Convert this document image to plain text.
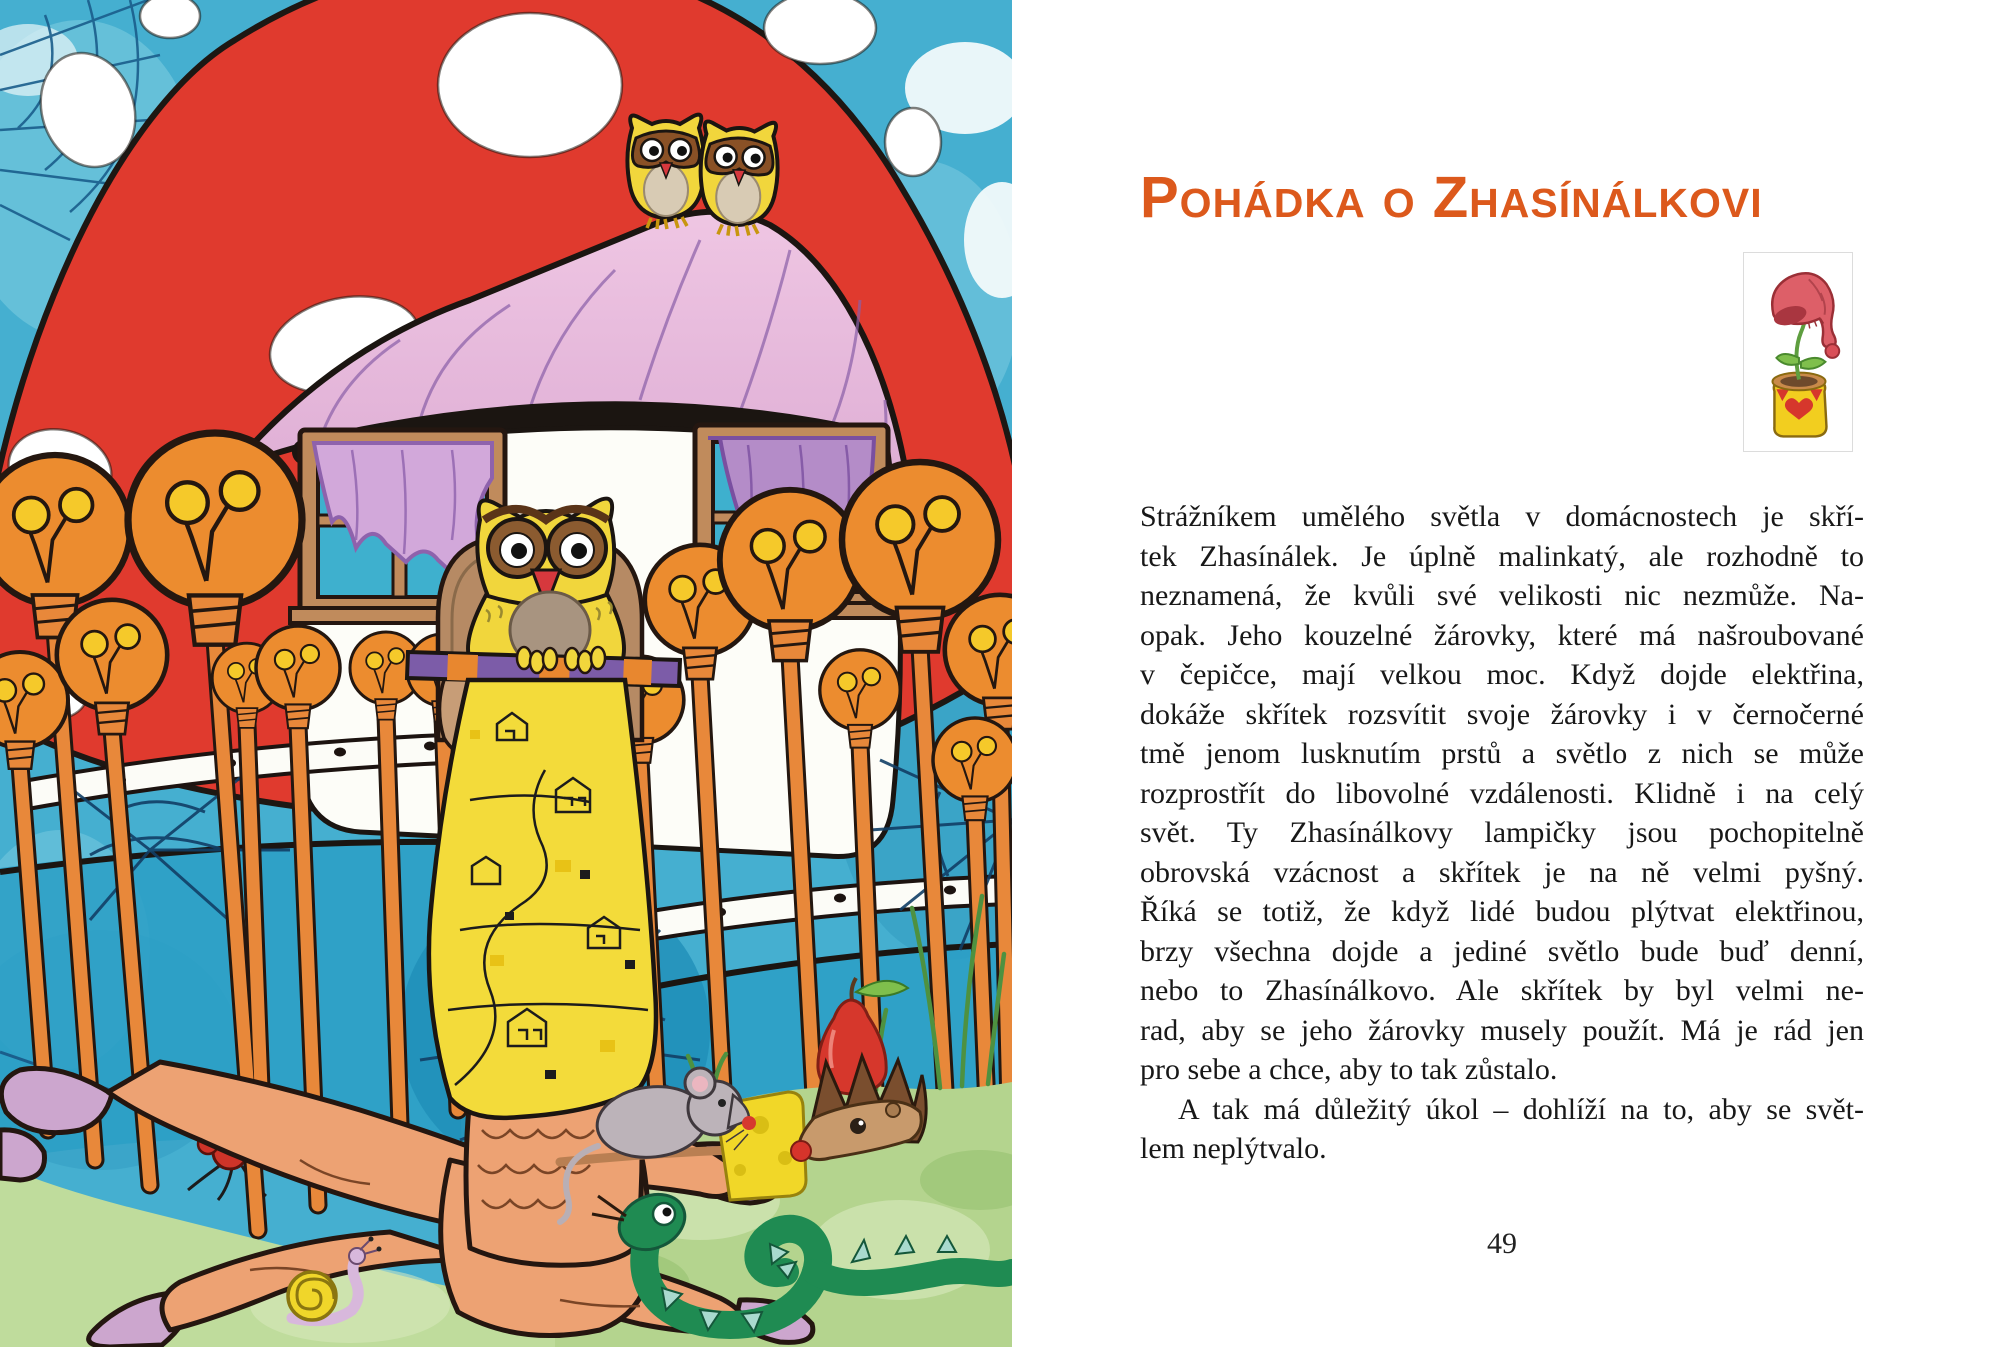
Pohádka o Zhasínálkovi
Strážníkem umělého světla v domácnostech je skří-
tek Zhasínálek. Je úplně malinkatý, ale rozhodně to
neznamená, že kvůli své velikosti nic nezmůže. Na-
opak. Jeho kouzelné žárovky, které má našroubované
v čepičce, mají velkou moc. Když dojde elektřina,
dokáže skřítek rozsvítit svoje žárovky i v černočerné
tmě jenom lusknutím prstů a světlo z nich se může
rozprostřít do libovolné vzdálenosti. Klidně i na celý
svět. Ty Zhasínálkovy lampičky jsou pochopitelně
obrovská vzácnost a skřítek je na ně velmi pyšný.
Říká se totiž, že když lidé budou plýtvat elektřinou,
brzy všechna dojde a jediné světlo bude buď denní,
nebo to Zhasínálkovo. Ale skřítek by byl velmi ne-
rad, aby se jeho žárovky musely použít. Má je rád jen
pro sebe a chce, aby to tak zůstalo.
A tak má důležitý úkol – dohlíží na to, aby se svět-
lem neplýtvalo.
49
